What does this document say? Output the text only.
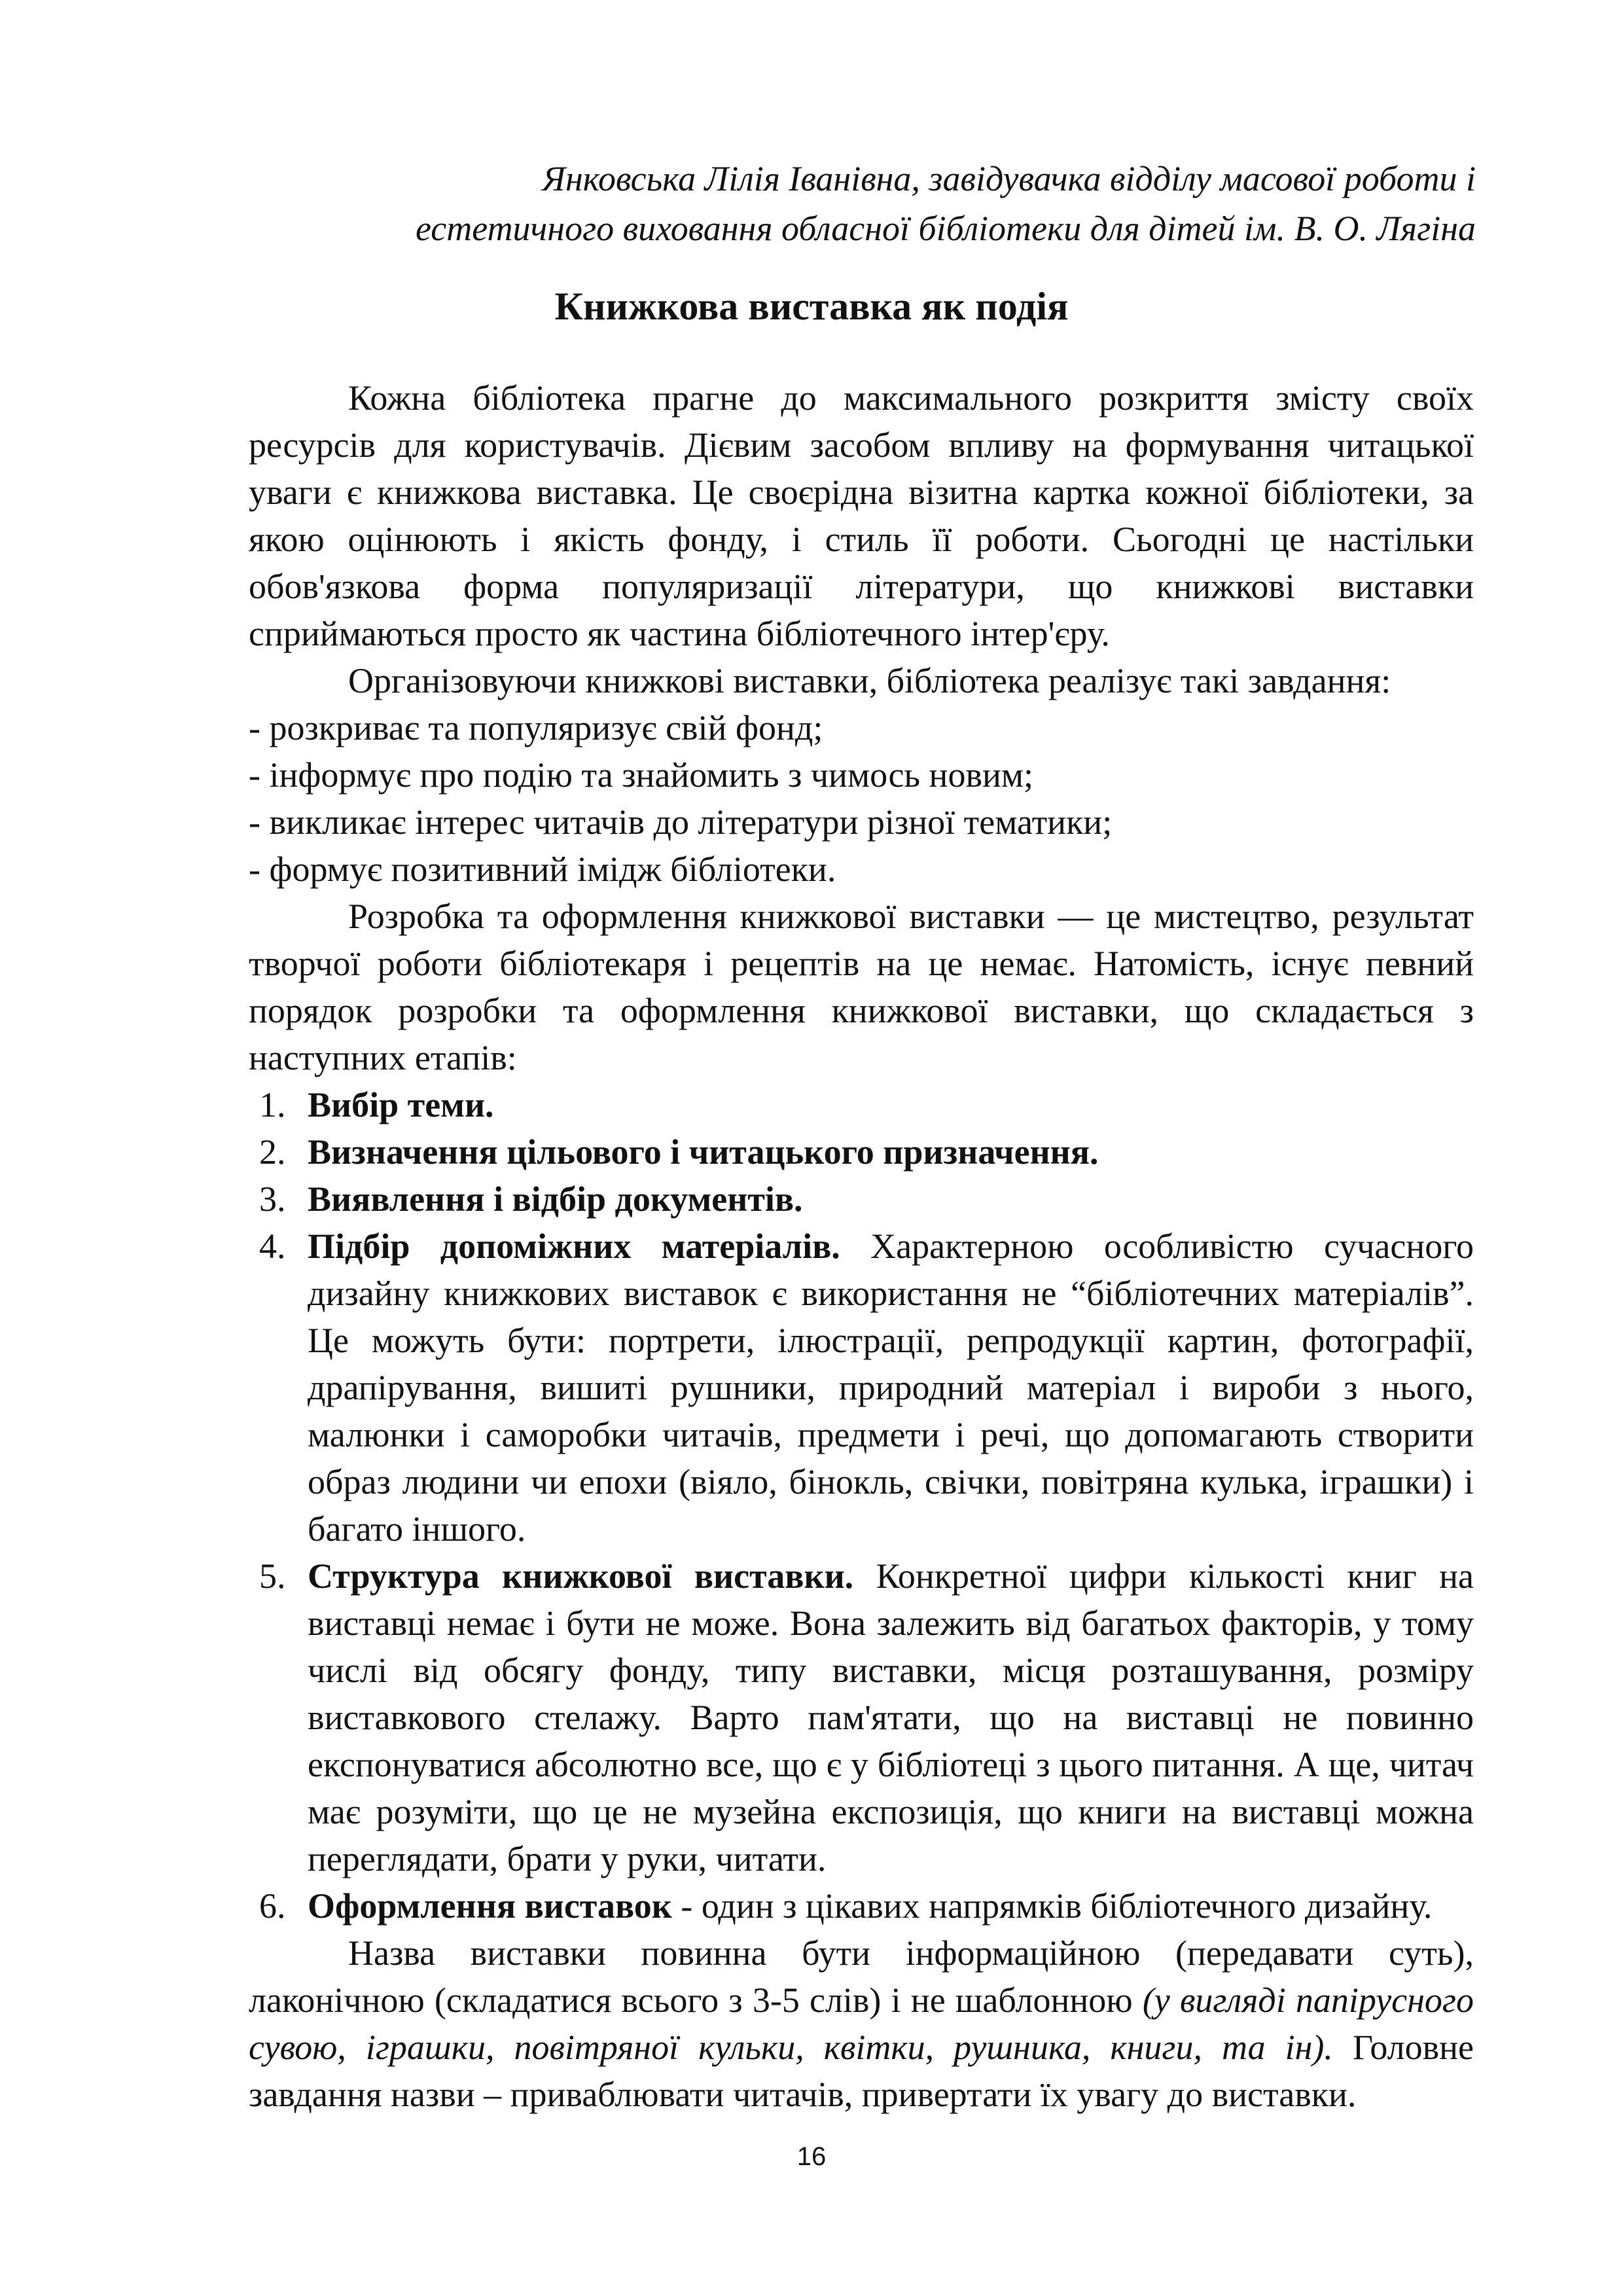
Янковська Лілія Іванівна, завідувачка відділу масової роботи і
естетичного виховання обласної бібліотеки для дітей ім. В. О. Лягіна
Книжкова виставка як подія

Кожна бібліотека прагне до максимального розкриття змісту своїх ресурсів для користувачів. Дієвим засобом впливу на формування читацької уваги є книжкова виставка. Це своєрідна візитна картка кожної бібліотеки, за якою оцінюють і якість фонду, і стиль її роботи. Сьогодні це настільки обов'язкова форма популяризації літератури, що книжкові виставки сприймаються просто як частина бібліотечного інтер'єру.

Організовуючи книжкові виставки, бібліотека реалізує такі завдання:

- розкриває та популяризує свій фонд;

- інформує про подію та знайомить з чимось новим;

- викликає інтерес читачів до літератури різної тематики;

- формує позитивний імідж бібліотеки.

Розробка та оформлення книжкової виставки — це мистецтво, результат творчої роботи бібліотекаря і рецептів на це немає. Натомість, існує певний порядок розробки та оформлення книжкової виставки, що складається з наступних етапів:

1. Вибір теми.
2. Визначення цільового і читацького призначення.
3. Виявлення і відбір документів.
4. Підбір допоміжних матеріалів. Характерною особливістю сучасного дизайну книжкових виставок є використання не “бібліотечних матеріалів”. Це можуть бути: портрети, ілюстрації, репродукції картин, фотографії, драпірування, вишиті рушники, природний матеріал і вироби з нього, малюнки і саморобки читачів, предмети і речі, що допомагають створити образ людини чи епохи (віяло, бінокль, свічки, повітряна кулька, іграшки) і багато іншого.
5. Структура книжкової виставки. Конкретної цифри кількості книг на виставці немає і бути не може. Вона залежить від багатьох факторів, у тому числі від обсягу фонду, типу виставки, місця розташування, розміру виставкового стелажу. Варто пам'ятати, що на виставці не повинно експонуватися абсолютно все, що є у бібліотеці з цього питання. А ще, читач має розуміти, що це не музейна експозиція, що книги на виставці можна переглядати, брати у руки, читати.
6. Оформлення виставок - один з цікавих напрямків бібліотечного дизайну.

Назва виставки повинна бути інформаційною (передавати суть), лаконічною (складатися всього з 3-5 слів) і не шаблонною (у вигляді папірусного сувою, іграшки, повітряної кульки, квітки, рушника, книги, та ін). Головне завдання назви – приваблювати читачів, привертати їх увагу до виставки.

16
